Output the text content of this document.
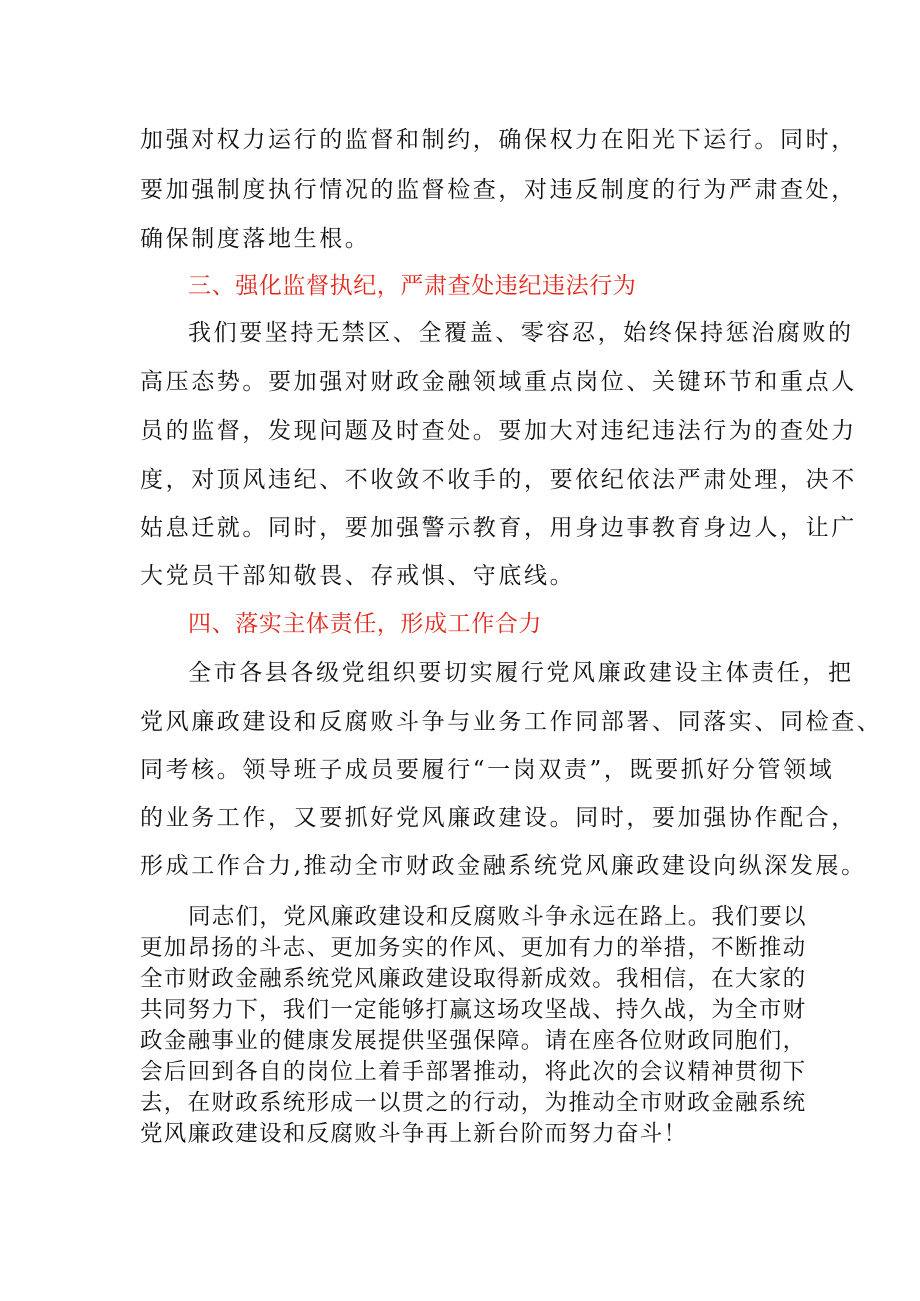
加强对权力运行的监督和制约，确保权力在阳光下运行。同时，
要加强制度执行情况的监督检查，对违反制度的行为严肃查处，
确保制度落地生根。
三、强化监督执纪，严肃查处违纪违法行为
我们要坚持无禁区、全覆盖、零容忍，始终保持惩治腐败的
高压态势。要加强对财政金融领域重点岗位、关键环节和重点人
员的监督，发现问题及时查处。要加大对违纪违法行为的查处力
度，对顶风违纪、不收敛不收手的，要依纪依法严肃处理，决不
姑息迁就。同时，要加强警示教育，用身边事教育身边人，让广
大党员干部知敬畏、存戒惧、守底线。
四、落实主体责任，形成工作合力
全市各县各级党组织要切实履行党风廉政建设主体责任，把
党风廉政建设和反腐败斗争与业务工作同部署、同落实、同检查、
同考核。领导班子成员要履行“一岗双责”，既要抓好分管领域
的业务工作，又要抓好党风廉政建设。同时，要加强协作配合，
形成工作合力,推动全市财政金融系统党风廉政建设向纵深发展。
同志们，党风廉政建设和反腐败斗争永远在路上。我们要以
更加昂扬的斗志、更加务实的作风、更加有力的举措，不断推动
全市财政金融系统党风廉政建设取得新成效。我相信，在大家的
共同努力下，我们一定能够打赢这场攻坚战、持久战，为全市财
政金融事业的健康发展提供坚强保障。请在座各位财政同胞们，
会后回到各自的岗位上着手部署推动，将此次的会议精神贯彻下
去，在财政系统形成一以贯之的行动，为推动全市财政金融系统
党风廉政建设和反腐败斗争再上新台阶而努力奋斗！
